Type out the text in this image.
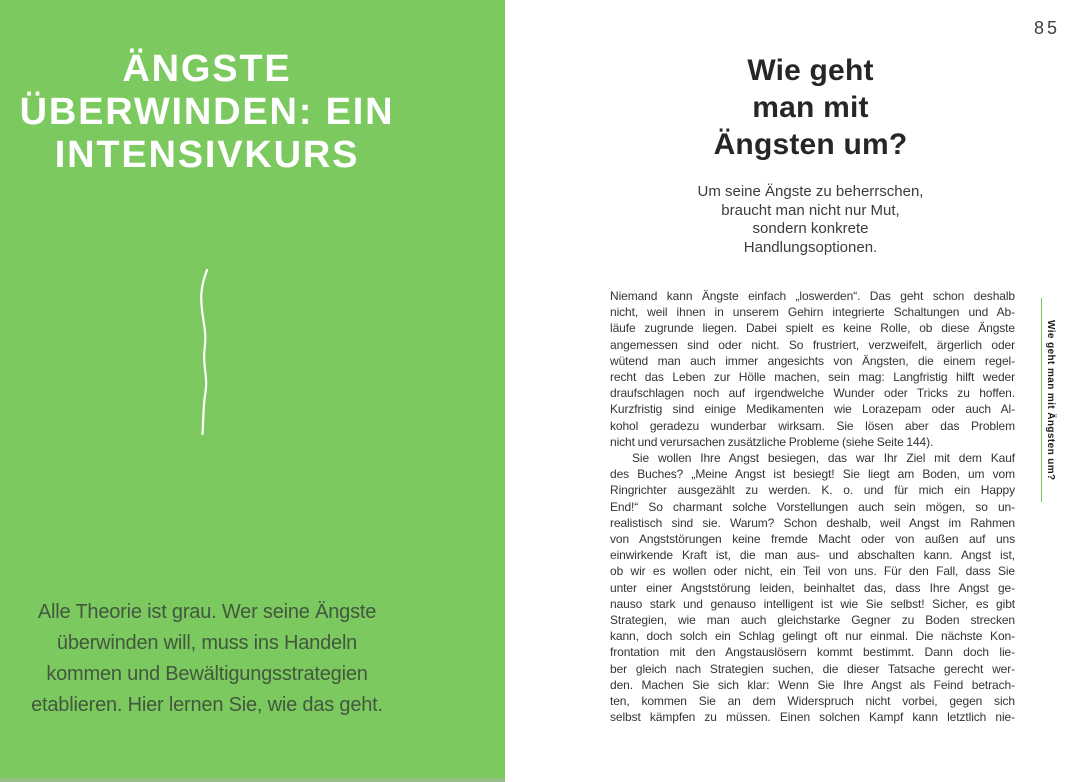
ÄNGSTE
ÜBERWINDEN: EIN
INTENSIVKURS
Alle Theorie ist grau. Wer seine Ängste
überwinden will, muss ins Handeln
kommen und Bewältigungsstrategien
etablieren. Hier lernen Sie, wie das geht.
85
Wie geht
man mit
Ängsten um?
Um seine Ängste zu beherrschen,
braucht man nicht nur Mut,
sondern konkrete
Handlungsoptionen.
Niemand kann Ängste einfach „loswerden“. Das geht schon deshalb
nicht, weil ihnen in unserem Gehirn integrierte Schaltungen und Ab-
läufe zugrunde liegen. Dabei spielt es keine Rolle, ob diese Ängste
angemessen sind oder nicht. So frustriert, verzweifelt, ärgerlich oder
wütend man auch immer angesichts von Ängsten, die einem regel-
recht das Leben zur Hölle machen, sein mag: Langfristig hilft weder
draufschlagen noch auf irgendwelche Wunder oder Tricks zu hoffen.
Kurzfristig sind einige Medikamenten wie Lorazepam oder auch Al-
kohol geradezu wunderbar wirksam. Sie lösen aber das Problem
nicht und verursachen zusätzliche Probleme (siehe Seite 144).
Sie wollen Ihre Angst besiegen, das war Ihr Ziel mit dem Kauf
des Buches? „Meine Angst ist besiegt! Sie liegt am Boden, um vom
Ringrichter ausgezählt zu werden. K. o. und für mich ein Happy
End!“ So charmant solche Vorstellungen auch sein mögen, so un-
realistisch sind sie. Warum? Schon deshalb, weil Angst im Rahmen
von Angststörungen keine fremde Macht oder von außen auf uns
einwirkende Kraft ist, die man aus- und abschalten kann. Angst ist,
ob wir es wollen oder nicht, ein Teil von uns. Für den Fall, dass Sie
unter einer Angststörung leiden, beinhaltet das, dass Ihre Angst ge-
nauso stark und genauso intelligent ist wie Sie selbst! Sicher, es gibt
Strategien, wie man auch gleichstarke Gegner zu Boden strecken
kann, doch solch ein Schlag gelingt oft nur einmal. Die nächste Kon-
frontation mit den Angstauslösern kommt bestimmt. Dann doch lie-
ber gleich nach Strategien suchen, die dieser Tatsache gerecht wer-
den. Machen Sie sich klar: Wenn Sie Ihre Angst als Feind betrach-
ten, kommen Sie an dem Widerspruch nicht vorbei, gegen sich
selbst kämpfen zu müssen. Einen solchen Kampf kann letztlich nie-
Wie geht man mit Ängsten um?
